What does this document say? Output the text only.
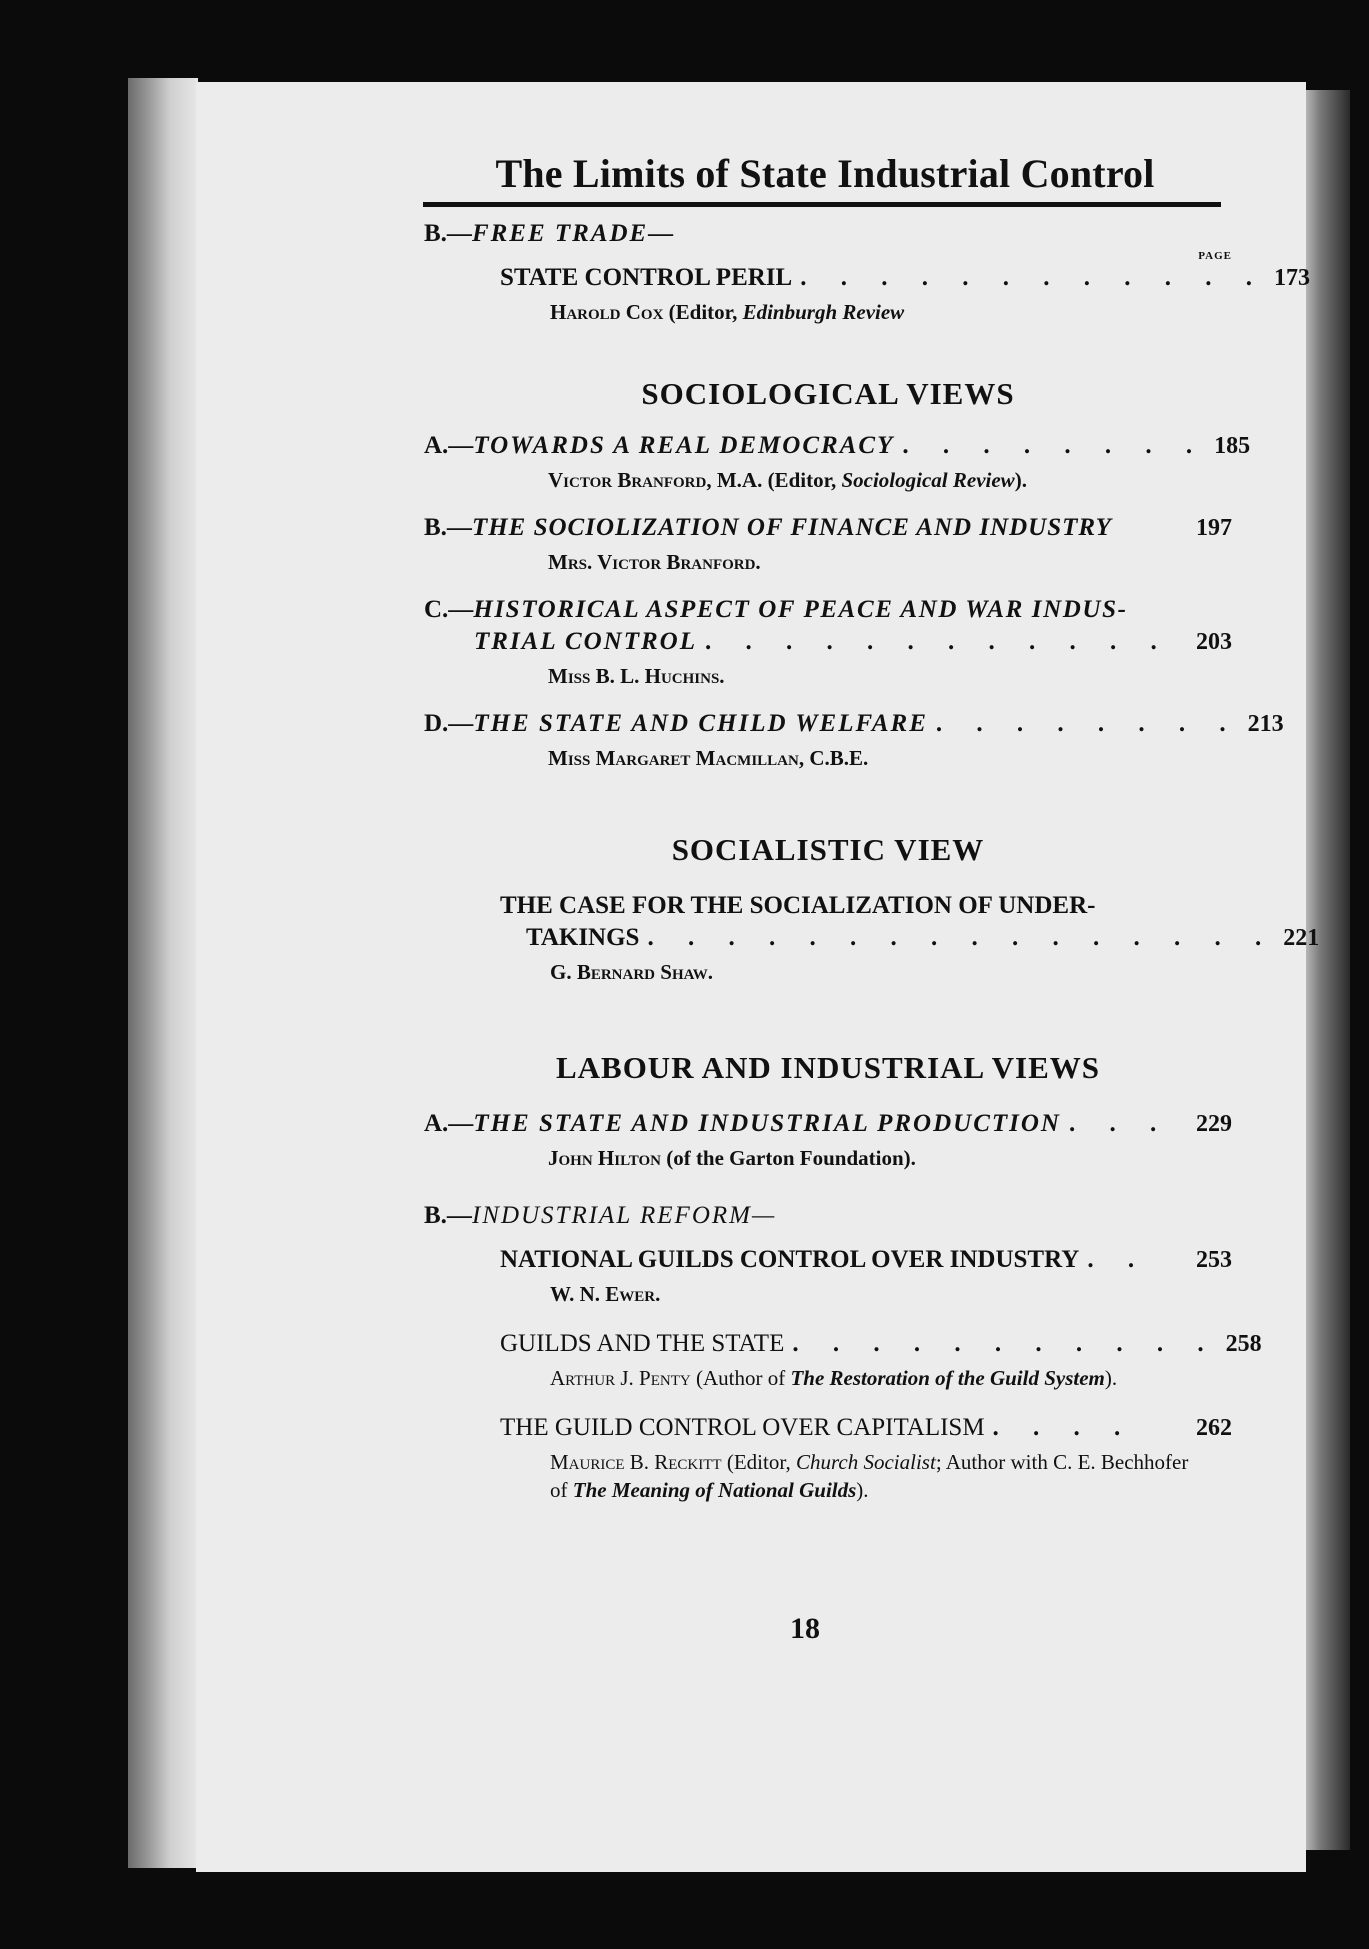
The Limits of State Industrial Control
B.—FREE TRADE—
PAGE
STATE CONTROL PERIL . . . . . . . . . . . . 173
Harold Cox (Editor, Edinburgh Review
SOCIOLOGICAL VIEWS
A.—TOWARDS A REAL DEMOCRACY . . . . . . . . 185
Victor Branford, M.A. (Editor, Sociological Review).
B.—THE SOCIOLIZATION OF FINANCE AND INDUSTRY	197
Mrs. Victor Branford.
C.—HISTORICAL ASPECT OF PEACE AND WAR INDUS-
TRIAL CONTROL . . . . . . . . . . . .	203
Miss B. L. Huchins.
D.—THE STATE AND CHILD WELFARE . . . . . . . . 213
Miss Margaret Macmillan, C.B.E.
SOCIALISTIC VIEW
THE CASE FOR THE SOCIALIZATION OF UNDER-
TAKINGS . . . . . . . . . . . . . . . . 221
G. Bernard Shaw.
LABOUR AND INDUSTRIAL VIEWS
A.—THE STATE AND INDUSTRIAL PRODUCTION . . .	229
John Hilton (of the Garton Foundation).
B.—INDUSTRIAL REFORM—
NATIONAL GUILDS CONTROL OVER INDUSTRY . .	253
W. N. Ewer.
GUILDS AND THE STATE . . . . . . . . . . . 258
Arthur J. Penty (Author of The Restoration of the Guild System).
THE GUILD CONTROL OVER CAPITALISM . . . .	262
Maurice B. Reckitt (Editor, Church Socialist; Author with C. E. Bechhofer of The Meaning of National Guilds).
18
